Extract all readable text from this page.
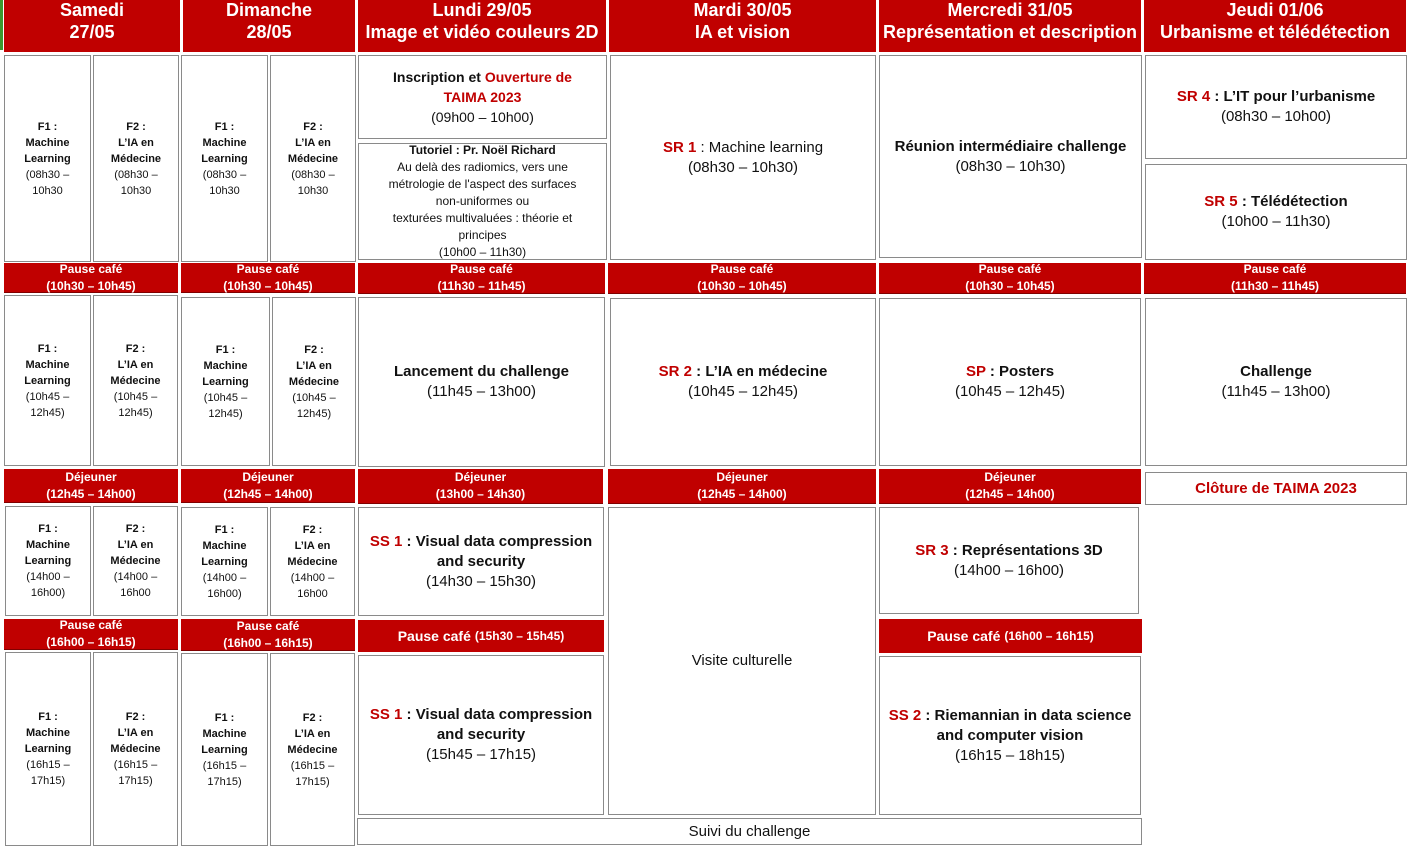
Samedi
27/05
Dimanche
28/05
Lundi 29/05
Image et vidéo couleurs 2D
Mardi 30/05
IA et vision
Mercredi 31/05
Représentation et description
Jeudi 01/06
Urbanisme et télédétection
F1 :
Machine
Learning
(08h30 –
10h30
F2 :
L’IA en
Médecine
(08h30 –
10h30
F1 :
Machine
Learning
(08h30 –
10h30
F2 :
L’IA en
Médecine
(08h30 –
10h30
Pause café
(10h30 – 10h45)
Pause café
(10h30 – 10h45)
Pause café
(11h30 – 11h45)
Pause café
(10h30 – 10h45)
Pause café
(10h30 – 10h45)
Pause café
(11h30 – 11h45)
F1 :
Machine
Learning
(10h45 –
12h45)
F2 :
L’IA en
Médecine
(10h45 –
12h45)
F1 :
Machine
Learning
(10h45 –
12h45)
F2 :
L’IA en
Médecine
(10h45 –
12h45)
Déjeuner
(12h45 – 14h00)
Déjeuner
(12h45 – 14h00)
Déjeuner
(13h00 – 14h30)
Déjeuner
(12h45 – 14h00)
Déjeuner
(12h45 – 14h00)
F1 :
Machine
Learning
(14h00 –
16h00)
F2 :
L’IA en
Médecine
(14h00 –
16h00
F1 :
Machine
Learning
(14h00 –
16h00)
F2 :
L’IA en
Médecine
(14h00 –
16h00
Pause café
(16h00 – 16h15)
Pause café
(16h00 – 16h15)
F1 :
Machine
Learning
(16h15 –
17h15)
F2 :
L’IA en
Médecine
(16h15 –
17h15)
F1 :
Machine
Learning
(16h15 –
17h15)
F2 :
L’IA en
Médecine
(16h15 –
17h15)
Inscription et Ouverture de
TAIMA 2023
(09h00 – 10h00)
Tutoriel : Pr. Noël Richard
Au delà des radiomics, vers une
métrologie de l'aspect des surfaces
non-uniformes ou
texturées multivaluées : théorie et
principes
(10h00 – 11h30)
Lancement du challenge
(11h45 – 13h00)
SS 1 : Visual data compression
and security
(14h30 – 15h30)
Pause café (15h30 – 15h45)
SS 1 : Visual data compression
and security
(15h45 – 17h15)
SR 1 : Machine learning
(08h30 – 10h30)
SR 2 : L’IA en médecine
(10h45 – 12h45)
Visite culturelle
Réunion intermédiaire challenge
(08h30 – 10h30)
SP : Posters
(10h45 – 12h45)
SR 3 : Représentations 3D
(14h00 – 16h00)
Pause café (16h00 – 16h15)
SS 2 : Riemannian in data science
and computer vision
(16h15 – 18h15)
SR 4 : L’IT pour l’urbanisme
(08h30 – 10h00)
SR 5 : Télédétection
(10h00 – 11h30)
Challenge
(11h45 – 13h00)
Clôture de TAIMA 2023
Suivi du challenge
